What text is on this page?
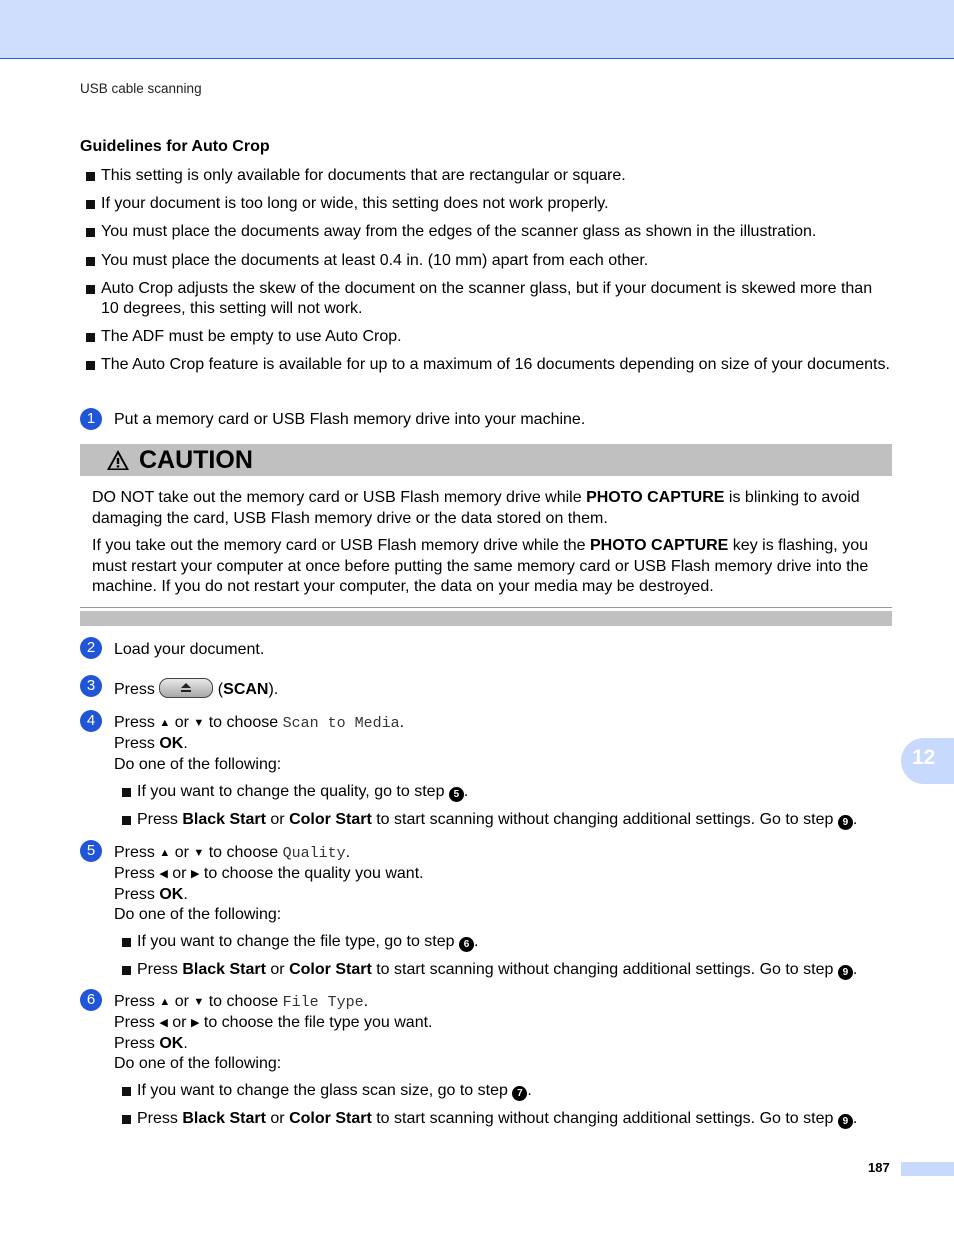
USB cable scanning
Guidelines for Auto Crop
This setting is only available for documents that are rectangular or square.
If your document is too long or wide, this setting does not work properly.
You must place the documents away from the edges of the scanner glass as shown in the illustration.
You must place the documents at least 0.4 in. (10 mm) apart from each other.
Auto Crop adjusts the skew of the document on the scanner glass, but if your document is skewed more than 10 degrees, this setting will not work.
The ADF must be empty to use Auto Crop.
The Auto Crop feature is available for up to a maximum of 16 documents depending on size of your documents.
1	Put a memory card or USB Flash memory drive into your machine.
CAUTION
DO NOT take out the memory card or USB Flash memory drive while PHOTO CAPTURE is blinking to avoid damaging the card, USB Flash memory drive or the data stored on them.
If you take out the memory card or USB Flash memory drive while the PHOTO CAPTURE key is flashing, you must restart your computer at once before putting the same memory card or USB Flash memory drive into the machine. If you do not restart your computer, the data on your media may be destroyed.
2	Load your document.
3	Press	(SCAN).
4	Press ▲ or ▼ to choose Scan to Media.
Press OK.
Do one of the following:
If you want to change the quality, go to step 5 .
Press Black Start or Color Start to start scanning without changing additional settings. Go to step 9 .
5	Press ▲ or ▼ to choose Quality.
Press ◀ or ▶ to choose the quality you want.
Press OK.
Do one of the following:
If you want to change the file type, go to step 6 .
Press Black Start or Color Start to start scanning without changing additional settings. Go to step 9 .
6	Press ▲ or ▼ to choose File Type.
Press ◀ or ▶ to choose the file type you want.
Press OK.
Do one of the following:
If you want to change the glass scan size, go to step 7 .
Press Black Start or Color Start to start scanning without changing additional settings. Go to step 9 .
12
187
